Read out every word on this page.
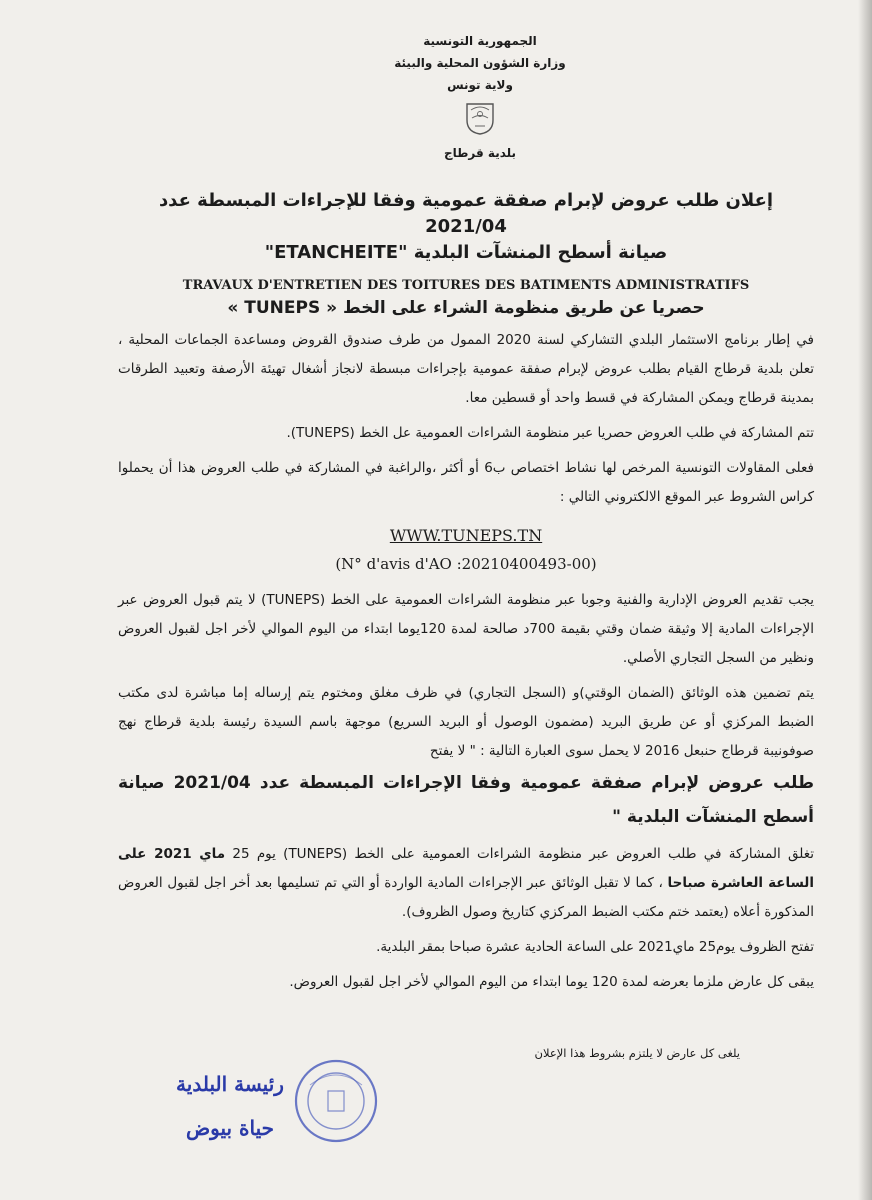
الجمهورية التونسية
وزارة الشؤون المحلية والبيئة
ولاية تونس
بلدية قرطاج
إعلان طلب عروض لإبرام صفقة عمومية وفقا للإجراءات المبسطة عدد 2021/04
صيانة أسطح المنشآت البلدية "ETANCHEITE"
TRAVAUX D'ENTRETIEN DES TOITURES DES BATIMENTS ADMINISTRATIFS
حصريا عن طريق منظومة الشراء على الخط « TUNEPS »
في إطار برنامج الاستثمار البلدي التشاركي لسنة 2020 الممول من طرف صندوق القروض ومساعدة الجماعات المحلية ، تعلن بلدية قرطاج القيام بطلب عروض لإبرام صفقة عمومية بإجراءات مبسطة لانجاز أشغال تهيئة الأرصفة وتعبيد الطرقات بمدينة قرطاج ويمكن المشاركة في قسط واحد أو قسطين معا.
تتم المشاركة في طلب العروض حصريا عبر منظومة الشراءات العمومية عل الخط (TUNEPS).
فعلى المقاولات التونسية المرخص لها نشاط اختصاص ب6 أو أكثر ،والراغبة في المشاركة في طلب العروض هذا أن يحملوا كراس الشروط عبر الموقع الالكتروني التالي :
WWW.TUNEPS.TN
(N° d'avis d'AO :20210400493-00)
يجب تقديم العروض الإدارية والفنية وجوبا عبر منظومة الشراءات العمومية على الخط (TUNEPS) لا يتم قبول العروض عبر الإجراءات المادية إلا وثيقة ضمان وقتي بقيمة 700د صالحة لمدة 120يوما ابتداء من اليوم الموالي لأخر اجل لقبول العروض ونظير من السجل التجاري الأصلي.
يتم تضمين هذه الوثائق (الضمان الوقتي)و (السجل التجاري) في ظرف مغلق ومختوم يتم إرساله إما مباشرة لدى مكتب الضبط المركزي أو عن طريق البريد (مضمون الوصول أو البريد السريع) موجهة باسم السيدة رئيسة بلدية قرطاج نهج صوفونيبة قرطاج حنبعل 2016 لا يحمل سوى العبارة التالية : " لا يفتح
طلب عروض لإبرام صفقة عمومية وفقا الإجراءات المبسطة عدد 2021/04 صيانة أسطح المنشآت البلدية "
تغلق المشاركة في طلب العروض عبر منظومة الشراءات العمومية على الخط (TUNEPS) يوم 25 ماي 2021 على الساعة العاشرة صباحا ، كما لا تقبل الوثائق عبر الإجراءات المادية الواردة أو التي تم تسليمها بعد أخر اجل لقبول العروض المذكورة أعلاه (يعتمد ختم مكتب الضبط المركزي كتاريخ وصول الظروف).
تفتح الظروف يوم25 ماي2021 على الساعة الحادية عشرة صباحا بمقر البلدية.
يبقى كل عارض ملزما بعرضه لمدة 120 يوما ابتداء من اليوم الموالي لأخر اجل لقبول العروض.
يلغى كل عارض لا يلتزم بشروط هذا الإعلان
رئيسة البلدية
حياة بيوض
